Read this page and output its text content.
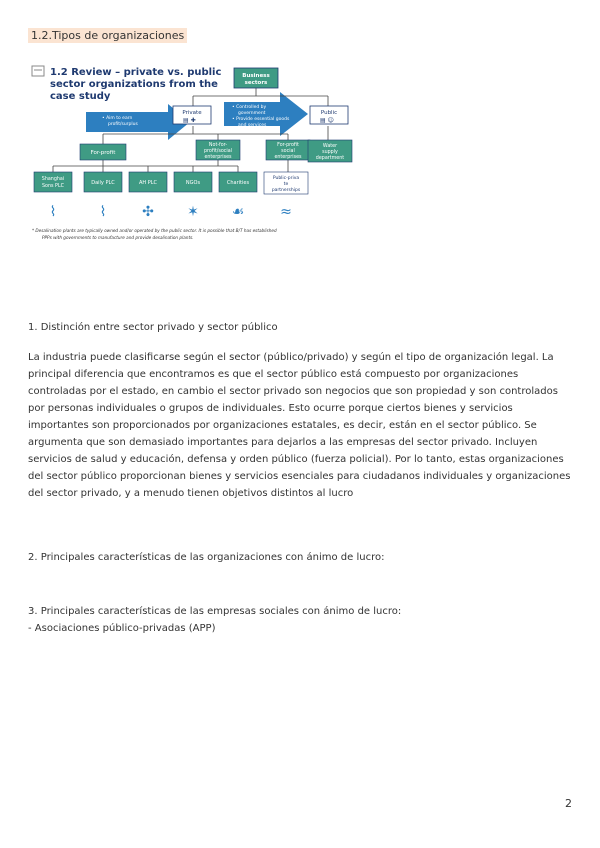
1.2.Tipos de organizaciones
1.2 Review – private vs. public
sector organizations from the
case study
• Owned by private
individuals
• Aim to earn
profit/surplus
• Controlled by
government
• Provide essential goods
and services
Business
sectors
Private
▤ ✚
Public
▤ ☺
For-profit
Not-for-
profit/social
enterprises
For-profit
social
enterprises
Water
supply
department
Shanghai
Sons PLC
Daily PLC	AH PLC	NGOs	Charities
Public-priva
te
partnerships
⌇	⌇	✣ ✶ ☙	≈
* Desalination plants are typically owned and/or operated by the public sector. It is possible that B/T has established
PPPs with governments to manufacture and provide desalination plants.
1. Distinción entre sector privado y sector público

La industria puede clasificarse según el sector (público/privado) y según el tipo de organización legal. La principal diferencia que encontramos es que el sector público está compuesto por organizaciones controladas por el estado, en cambio el sector privado son negocios que son propiedad y son controlados por personas individuales o grupos de individuales. Esto ocurre porque ciertos bienes y servicios importantes son proporcionados por organizaciones estatales, es decir, están en el sector público. Se argumenta que son demasiado importantes para dejarlos a las empresas del sector privado. Incluyen servicios de salud y educación, defensa y orden público (fuerza policial). Por lo tanto, estas organizaciones del sector público proporcionan bienes y servicios esenciales para ciudadanos individuales y organizaciones del sector privado, y a menudo tienen objetivos distintos al lucro

2. Principales características de las organizaciones con ánimo de lucro:
3. Principales características de las empresas sociales con ánimo de lucro:
- Asociaciones público-privadas (APP)
2
